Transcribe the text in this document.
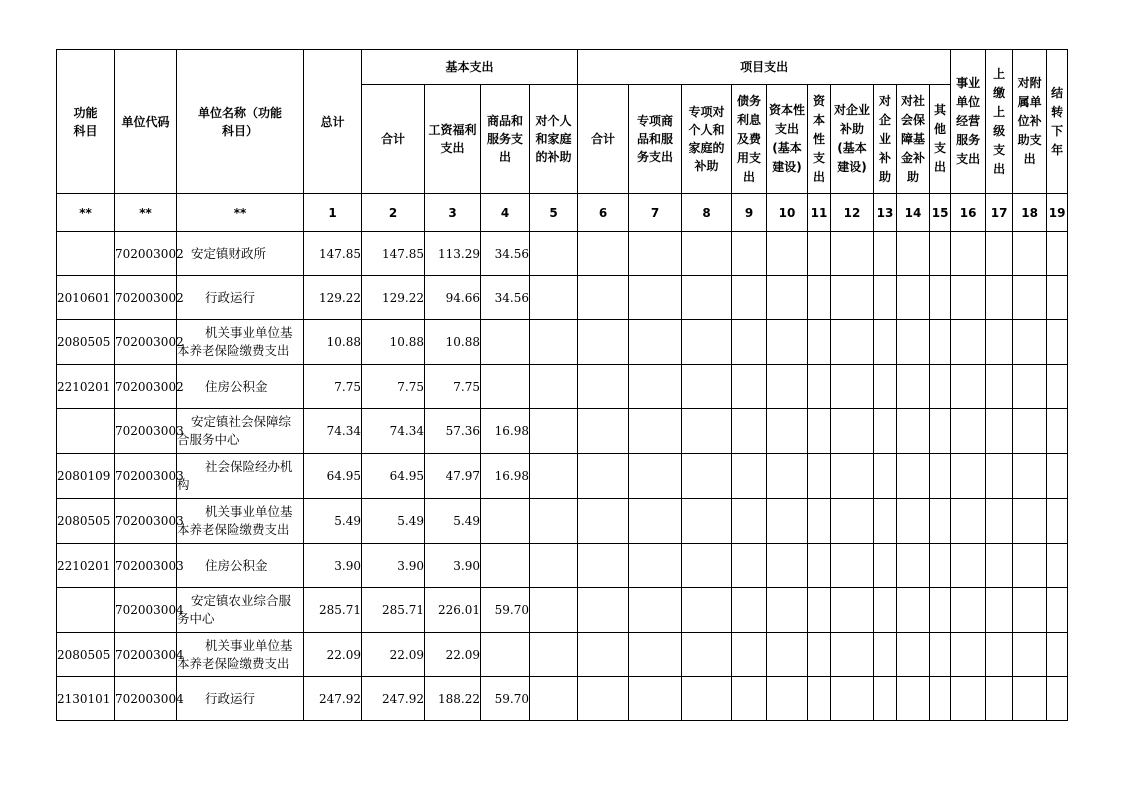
功能科目	单位代码	单位名称（功能科目）	总计	基本支出				项目支出										事业单位经营服务支出	上缴上级支出	对附属单位补助支出	结转下年

				合计	工资福利支出	商品和服务支出	对个人和家庭的补助	合计	专项商品和服务支出	专项对个人和家庭的补助	债务利息及费用支出	资本性支出(基本建设)	资本性支出	对企业补助(基本建设)	对企业补助	对社会保障基金补助	其他支出				

**	**	**	1	2	3	4	5	6	7	8	9	10	11	12	13	14	15	16	17	18	19
	702003002	安定镇财政所	147.85	147.85	113.29	34.56															
2010601	702003002	行政运行	129.22	129.22	94.66	34.56															
2080505	702003002	机关事业单位基本养老保险缴费支出	10.88	10.88	10.88																
2210201	702003002	住房公积金	7.75	7.75	7.75																
	702003003	安定镇社会保障综合服务中心	74.34	74.34	57.36	16.98															
2080109	702003003	社会保险经办机构	64.95	64.95	47.97	16.98															
2080505	702003003	机关事业单位基本养老保险缴费支出	5.49	5.49	5.49																
2210201	702003003	住房公积金	3.90	3.90	3.90																
	702003004	安定镇农业综合服务中心	285.71	285.71	226.01	59.70															
2080505	702003004	机关事业单位基本养老保险缴费支出	22.09	22.09	22.09																
2130101	702003004	行政运行	247.92	247.92	188.22	59.70															
